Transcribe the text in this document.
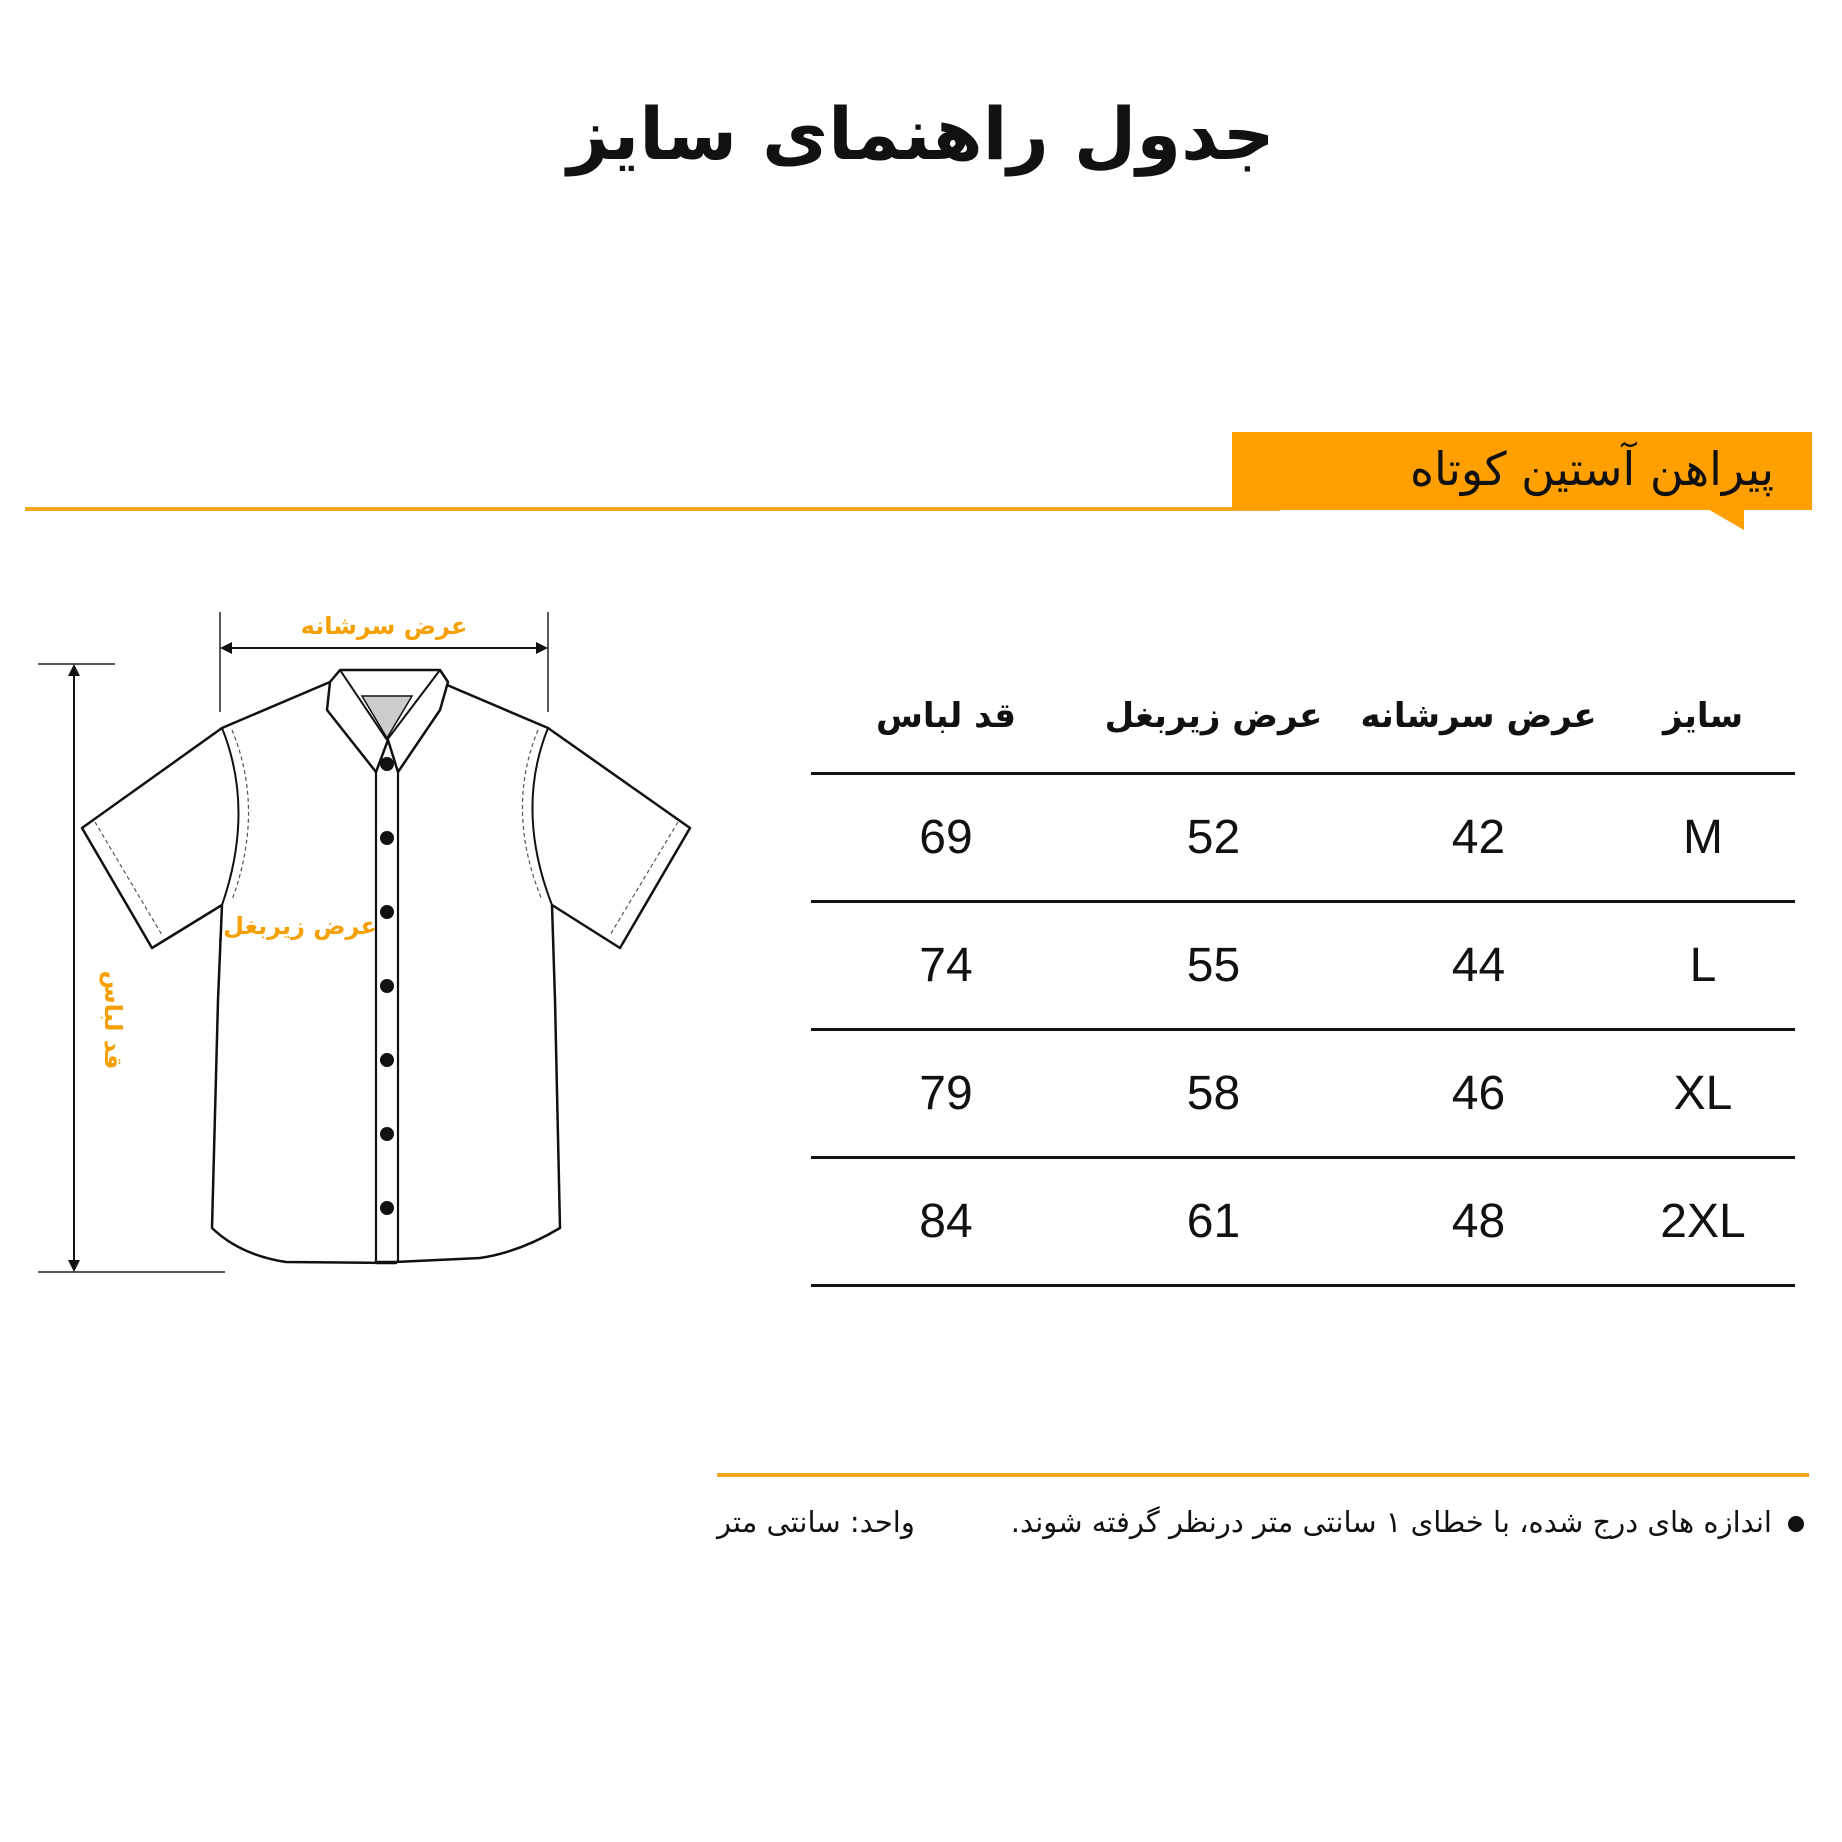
جدول راهنمای سایز
پیراهن آستین کوتاه
عرض سرشانه
عرض زیربغل
قد لباس
قد لباس	عرض زیربغل	عرض سرشانه	سایز
69	52	42	M
74	55	44	L
79	58	46	XL
84	61	48	2XL
اندازه های درج شده، با خطای ۱ سانتی متر درنظر گرفته شوند.
واحد: سانتی متر
